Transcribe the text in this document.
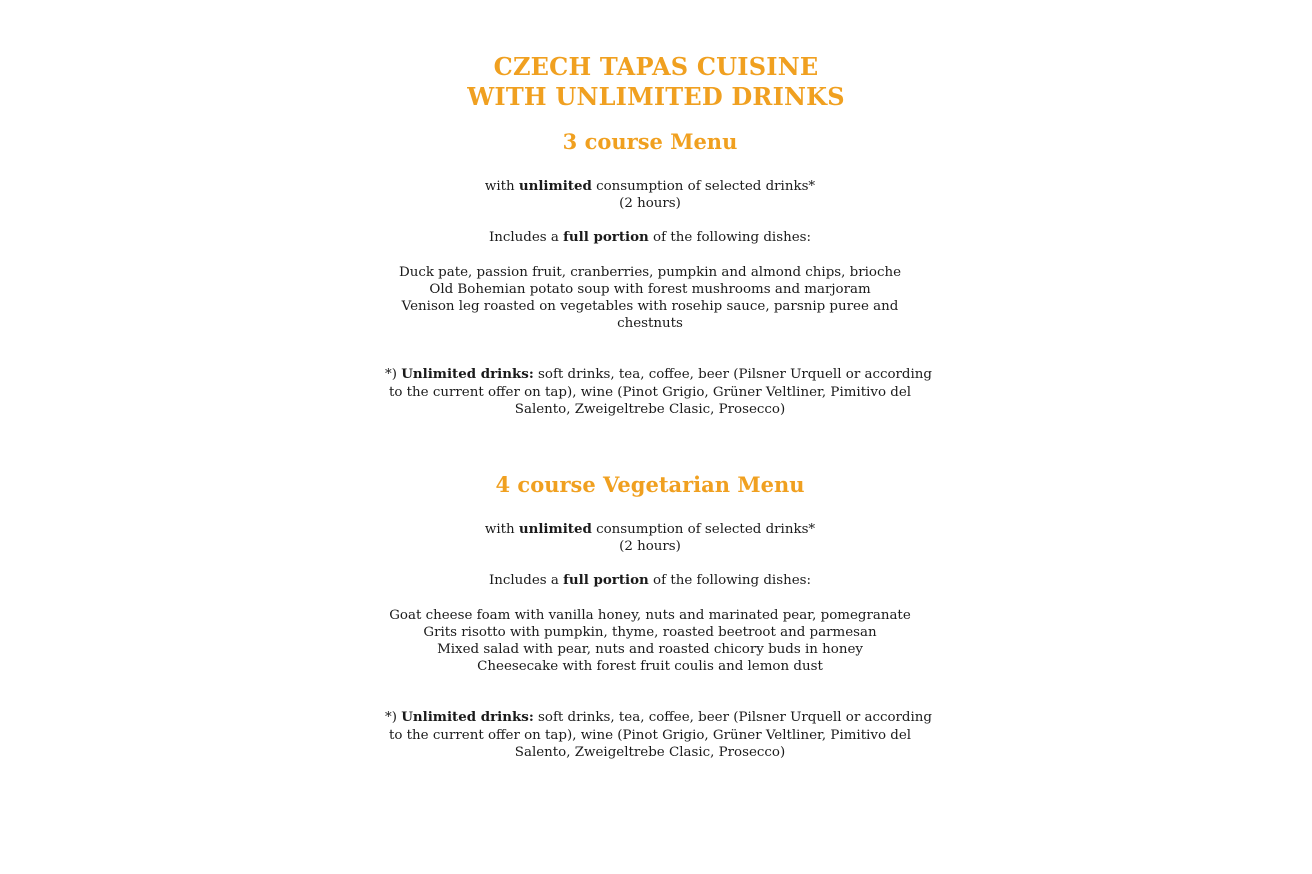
CZECH TAPAS CUISINE
WITH UNLIMITED DRINKS
3 course Menu

with unlimited consumption of selected drinks*

(2 hours)

Includes a full portion of the following dishes:

Duck pate, passion fruit, cranberries, pumpkin and almond chips, brioche

Old Bohemian potato soup with forest mushrooms and marjoram

Venison leg roasted on vegetables with rosehip sauce, parsnip puree and

chestnuts

*) Unlimited drinks: soft drinks, tea, coffee, beer (Pilsner Urquell or according

to the current offer on tap), wine (Pinot Grigio, Grüner Veltliner, Pimitivo del

Salento, Zweigeltrebe Clasic, Prosecco)

4 course Vegetarian Menu

with unlimited consumption of selected drinks*

(2 hours)

Includes a full portion of the following dishes:

Goat cheese foam with vanilla honey, nuts and marinated pear, pomegranate

Grits risotto with pumpkin, thyme, roasted beetroot and parmesan

Mixed salad with pear, nuts and roasted chicory buds in honey

Cheesecake with forest fruit coulis and lemon dust

*) Unlimited drinks: soft drinks, tea, coffee, beer (Pilsner Urquell or according

to the current offer on tap), wine (Pinot Grigio, Grüner Veltliner, Pimitivo del

Salento, Zweigeltrebe Clasic, Prosecco)
